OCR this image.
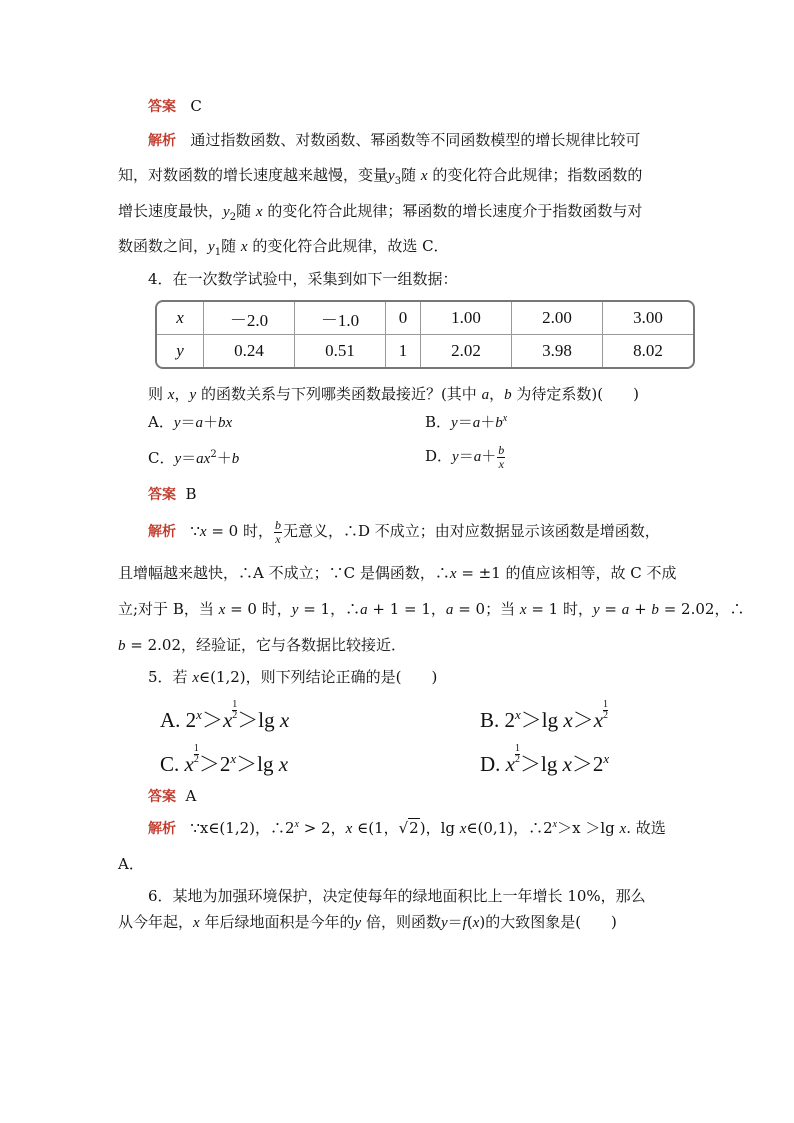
答案 C
解析 通过指数函数、对数函数、幂函数等不同函数模型的增长规律比较可
知，对数函数的增长速度越来越慢，变量$y_3$随 x 的变化符合此规律；指数函数的
增长速度最快，$y_2$随 x 的变化符合此规律；幂函数的增长速度介于指数函数与对
数函数之间，$y_1$随 x 的变化符合此规律，故选 C．
4．在一次数学试验中，采集到如下一组数据：
x	－2.0	－1.0	0	1.00	2.00	3.00
y	0.24	0.51	1	2.02	3.98	8.02
则 x，y 的函数关系与下列哪类函数最接近？(其中 a，b 为待定系数)(　　)
A．y＝a＋bx	B．$y=a+b^x$
C．$y=ax^2+b$	D．$y=a+ \frac{b}{x}$
答案 B
解析 ∵x = 0 时， $\frac{b}{x}$ 无意义，∴D 不成立；由对应数据显示该函数是增函数，
且增幅越来越快，∴A 不成立；∵C 是偶函数，∴x = ±1 的值应该相等，故 C 不成
立;对于 B，当 x = 0 时，y = 1，∴a + 1 = 1，a = 0；当 x = 1 时，y = a + b = 2.02，∴
b = 2.02，经验证，它与各数据比较接近．
5．若 x∈(1,2)，则下列结论正确的是(　　)
A. $2^x>x \frac{1}{2}>\lg$ x	B. $2^x>\lg$ $x>x \frac{1}{2}$
C. x $\frac{1}{2}>2^x>\lg$ x	D. x $\frac{1}{2}>\lg$ $x>2^x$
答案 A
解析 ∵x∈(1,2)，$\therefore 2^x > 2$，x ∈(1，√2)，lg x∈(0,1)，$\therefore 2^x>x >\lg$ x. 故选
A．
6．某地为加强环境保护，决定使每年的绿地面积比上一年增长 10%，那么
从今年起，x 年后绿地面积是今年的y 倍，则函数y＝f(x)的大致图象是(　　)
